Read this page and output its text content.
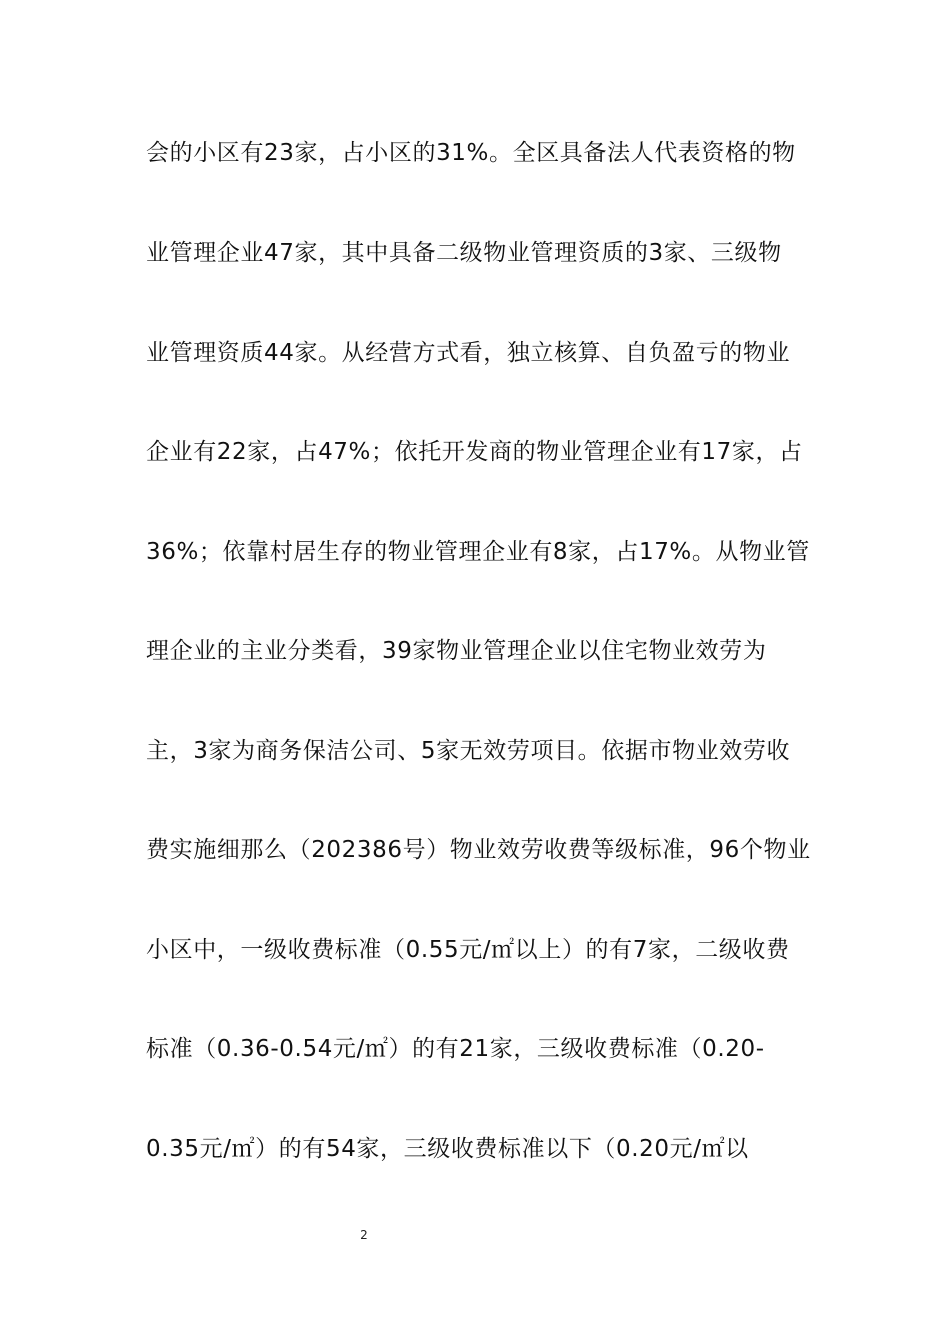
会的小区有23家，占小区的31%。全区具备法人代表资格的物
业管理企业47家，其中具备二级物业管理资质的3家、三级物
业管理资质44家。从经营方式看，独立核算、自负盈亏的物业
企业有22家，占47%；依托开发商的物业管理企业有17家，占
36%；依靠村居生存的物业管理企业有8家，占17%。从物业管
理企业的主业分类看，39家物业管理企业以住宅物业效劳为
主，3家为商务保洁公司、5家无效劳项目。依据市物业效劳收
费实施细那么（202386号）物业效劳收费等级标准，96个物业
小区中，一级收费标准（0.55元/㎡以上）的有7家，二级收费
标准（0.36-0.54元/㎡）的有21家，三级收费标准（0.20-
0.35元/㎡）的有54家，三级收费标准以下（0.20元/㎡以
2
